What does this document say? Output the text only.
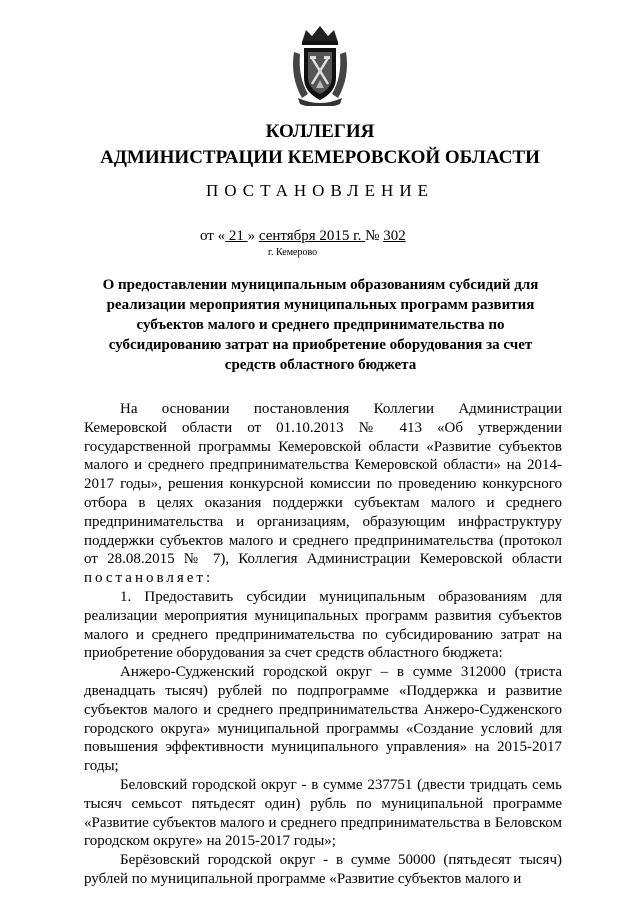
КОЛЛЕГИЯ
АДМИНИСТРАЦИИ КЕМЕРОВСКОЙ ОБЛАСТИ
ПОСТАНОВЛЕНИЕ
от « 21 » сентября 2015 г. № 302
г. Кемерово
О предоставлении муниципальным образованиям субсидий для реализации мероприятия муниципальных программ развития субъектов малого и среднего предпринимательства по субсидированию затрат на приобретение оборудования за счет средств областного бюджета

На основании постановления Коллегии Администрации Кемеровской области от 01.10.2013 № 413 «Об утверждении государственной программы Кемеровской области «Развитие субъектов малого и среднего предпринимательства Кемеровской области» на 2014-2017 годы», решения конкурсной комиссии по проведению конкурсного отбора в целях оказания поддержки субъектам малого и среднего предпринимательства и организациям, образующим инфраструктуру поддержки субъектов малого и среднего предпринимательства (протокол от 28.08.2015 № 7), Коллегия Администрации Кемеровской области постановляет:

1. Предоставить субсидии муниципальным образованиям для реализации мероприятия муниципальных программ развития субъектов малого и среднего предпринимательства по субсидированию затрат на приобретение оборудования за счет средств областного бюджета:

Анжеро-Судженский городской округ – в сумме 312000 (триста двенадцать тысяч) рублей по подпрограмме «Поддержка и развитие субъектов малого и среднего предпринимательства Анжеро-Судженского городского округа» муниципальной программы «Создание условий для повышения эффективности муниципального управления» на 2015-2017 годы;

Беловский городской округ - в сумме 237751 (двести тридцать семь тысяч семьсот пятьдесят один) рубль по муниципальной программе «Развитие субъектов малого и среднего предпринимательства в Беловском городском округе» на 2015-2017 годы»;

Берёзовский городской округ - в сумме 50000 (пятьдесят тысяч) рублей по муниципальной программе «Развитие субъектов малого и
